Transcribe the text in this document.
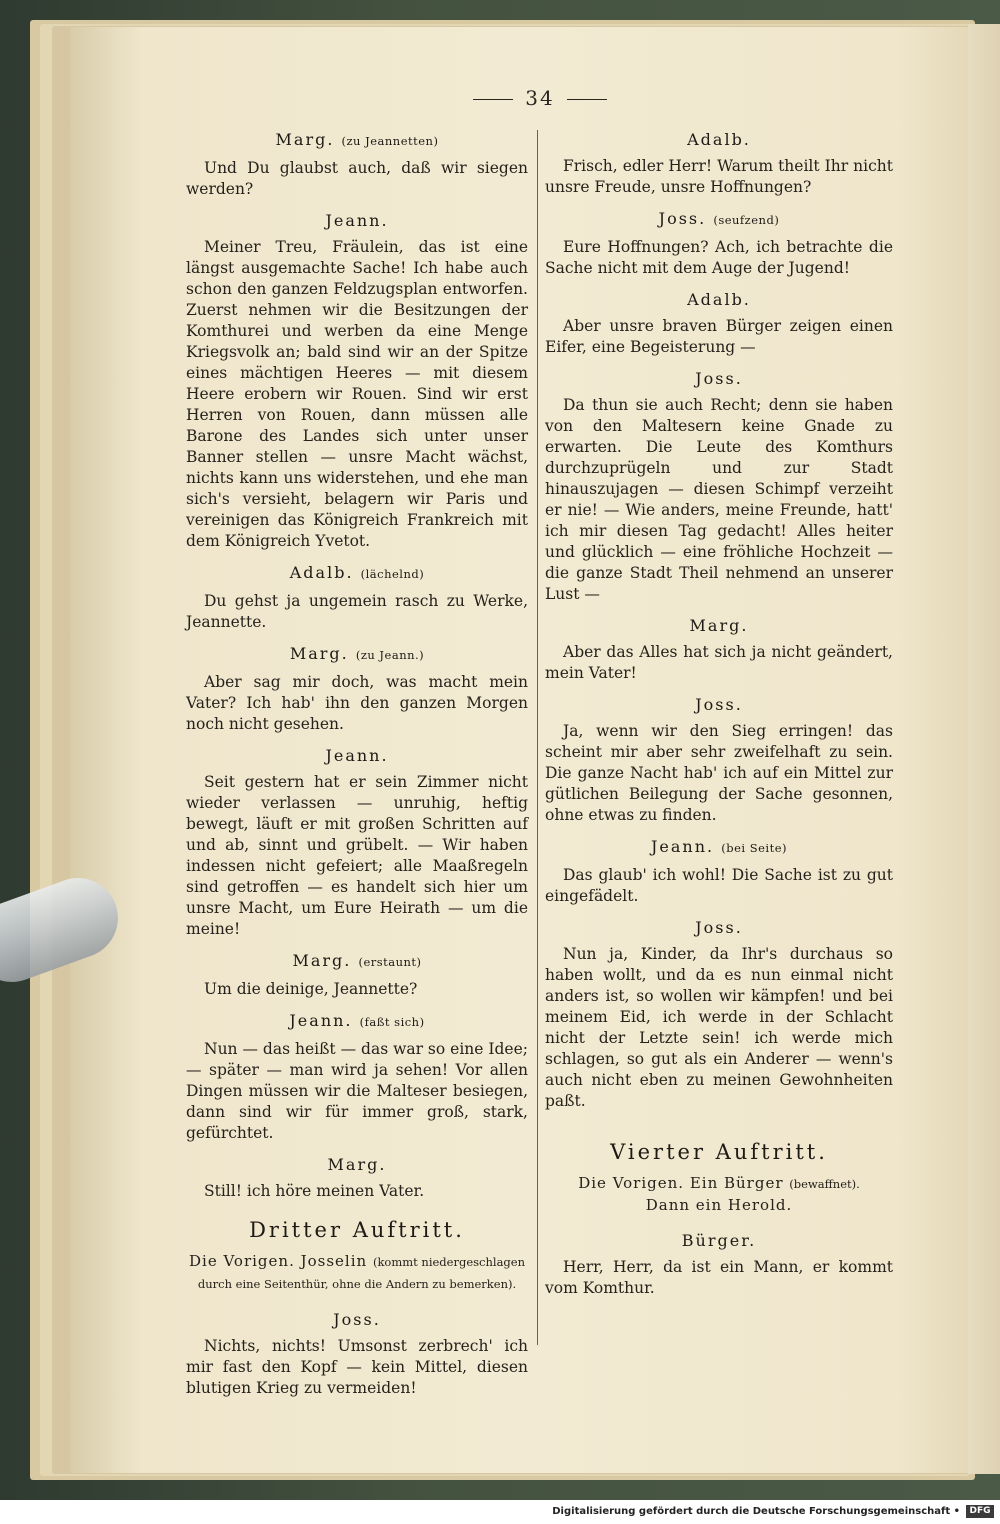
34
Marg. (zu Jeannetten)

Und Du glaubst auch, daß wir siegen werden?

Jeann.

Meiner Treu, Fräulein, das ist eine längst ausgemachte Sache! Ich habe auch schon den ganzen Feldzugsplan entworfen. Zuerst nehmen wir die Besitzungen der Komthurei und werben da eine Menge Kriegsvolk an; bald sind wir an der Spitze eines mächtigen Heeres — mit diesem Heere erobern wir Rouen. Sind wir erst Herren von Rouen, dann müssen alle Barone des Landes sich unter unser Banner stellen — unsre Macht wächst, nichts kann uns widerstehen, und ehe man sich's versieht, belagern wir Paris und vereinigen das Königreich Frankreich mit dem Königreich Yvetot.

Adalb. (lächelnd)

Du gehst ja ungemein rasch zu Werke, Jeannette.

Marg. (zu Jeann.)

Aber sag mir doch, was macht mein Vater? Ich hab' ihn den ganzen Morgen noch nicht gesehen.

Jeann.

Seit gestern hat er sein Zimmer nicht wieder verlassen — unruhig, heftig bewegt, läuft er mit großen Schritten auf und ab, sinnt und grübelt. — Wir haben indessen nicht gefeiert; alle Maaßregeln sind getroffen — es handelt sich hier um unsre Macht, um Eure Heirath — um die meine!

Marg. (erstaunt)

Um die deinige, Jeannette?

Jeann. (faßt sich)

Nun — das heißt — das war so eine Idee; — später — man wird ja sehen! Vor allen Dingen müssen wir die Malteser besiegen, dann sind wir für immer groß, stark, gefürchtet.

Marg.

Still! ich höre meinen Vater.

Dritter Auftritt.
Die Vorigen. Josselin (kommt niedergeschlagen durch eine Seitenthür, ohne die Andern zu bemerken).
Joss.

Nichts, nichts! Umsonst zerbrech' ich mir fast den Kopf — kein Mittel, diesen blutigen Krieg zu vermeiden!

Adalb.

Frisch, edler Herr! Warum theilt Ihr nicht unsre Freude, unsre Hoffnungen?

Joss. (seufzend)

Eure Hoffnungen? Ach, ich betrachte die Sache nicht mit dem Auge der Jugend!

Adalb.

Aber unsre braven Bürger zeigen einen Eifer, eine Begeisterung —

Joss.

Da thun sie auch Recht; denn sie haben von den Maltesern keine Gnade zu erwarten. Die Leute des Komthurs durchzuprügeln und zur Stadt hinauszujagen — diesen Schimpf verzeiht er nie! — Wie anders, meine Freunde, hatt' ich mir diesen Tag gedacht! Alles heiter und glücklich — eine fröhliche Hochzeit — die ganze Stadt Theil nehmend an unserer Lust —

Marg.

Aber das Alles hat sich ja nicht geändert, mein Vater!

Joss.

Ja, wenn wir den Sieg erringen! das scheint mir aber sehr zweifelhaft zu sein. Die ganze Nacht hab' ich auf ein Mittel zur gütlichen Beilegung der Sache gesonnen, ohne etwas zu finden.

Jeann. (bei Seite)

Das glaub' ich wohl! Die Sache ist zu gut eingefädelt.

Joss.

Nun ja, Kinder, da Ihr's durchaus so haben wollt, und da es nun einmal nicht anders ist, so wollen wir kämpfen! und bei meinem Eid, ich werde in der Schlacht nicht der Letzte sein! ich werde mich schlagen, so gut als ein Anderer — wenn's auch nicht eben zu meinen Gewohnheiten paßt.

Vierter Auftritt.
Die Vorigen. Ein Bürger (bewaffnet).
Dann ein Herold.
Bürger.

Herr, Herr, da ist ein Mann, er kommt vom Komthur.

Digitalisierung gefördert durch die Deutsche Forschungsgemeinschaft •	DFG
